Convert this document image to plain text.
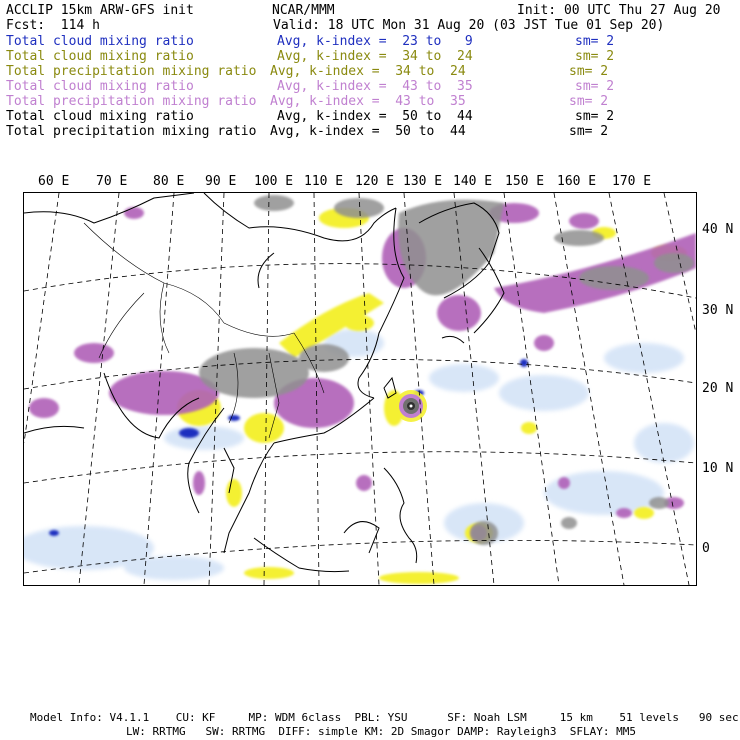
ACCLIP 15km ARW-GFS init	NCAR/MMM	Init: 00 UTC Thu 27 Aug 20
Fcst:  114 h	Valid: 18 UTC Mon 31 Aug 20 (03 JST Tue 01 Sep 20)
Total cloud mixing ratio	Avg, k-index =  23 to   9	sm= 2
Total cloud mixing ratio	Avg, k-index =  34 to  24	sm= 2
Total precipitation mixing ratio Avg, k-index =  34 to  24	sm= 2
Total cloud mixing ratio	Avg, k-index =  43 to  35	sm= 2
Total precipitation mixing ratio Avg, k-index =  43 to  35	sm= 2
Total cloud mixing ratio	Avg, k-index =  50 to  44	sm= 2
Total precipitation mixing ratio Avg, k-index =  50 to  44	sm= 2
60 E 70 E 80 E 90 E 100 E 110 E 120 E 130 E 140 E 150 E 160 E 170 E
40 N
30 N
20 N
10 N
0
Model Info: V4.1.1    CU: KF     MP: WDM 6class  PBL: YSU      SF: Noah LSM     15 km    51 levels   90 sec
LW: RRTMG   SW: RRTMG  DIFF: simple KM: 2D Smagor DAMP: Rayleigh3  SFLAY: MM5
